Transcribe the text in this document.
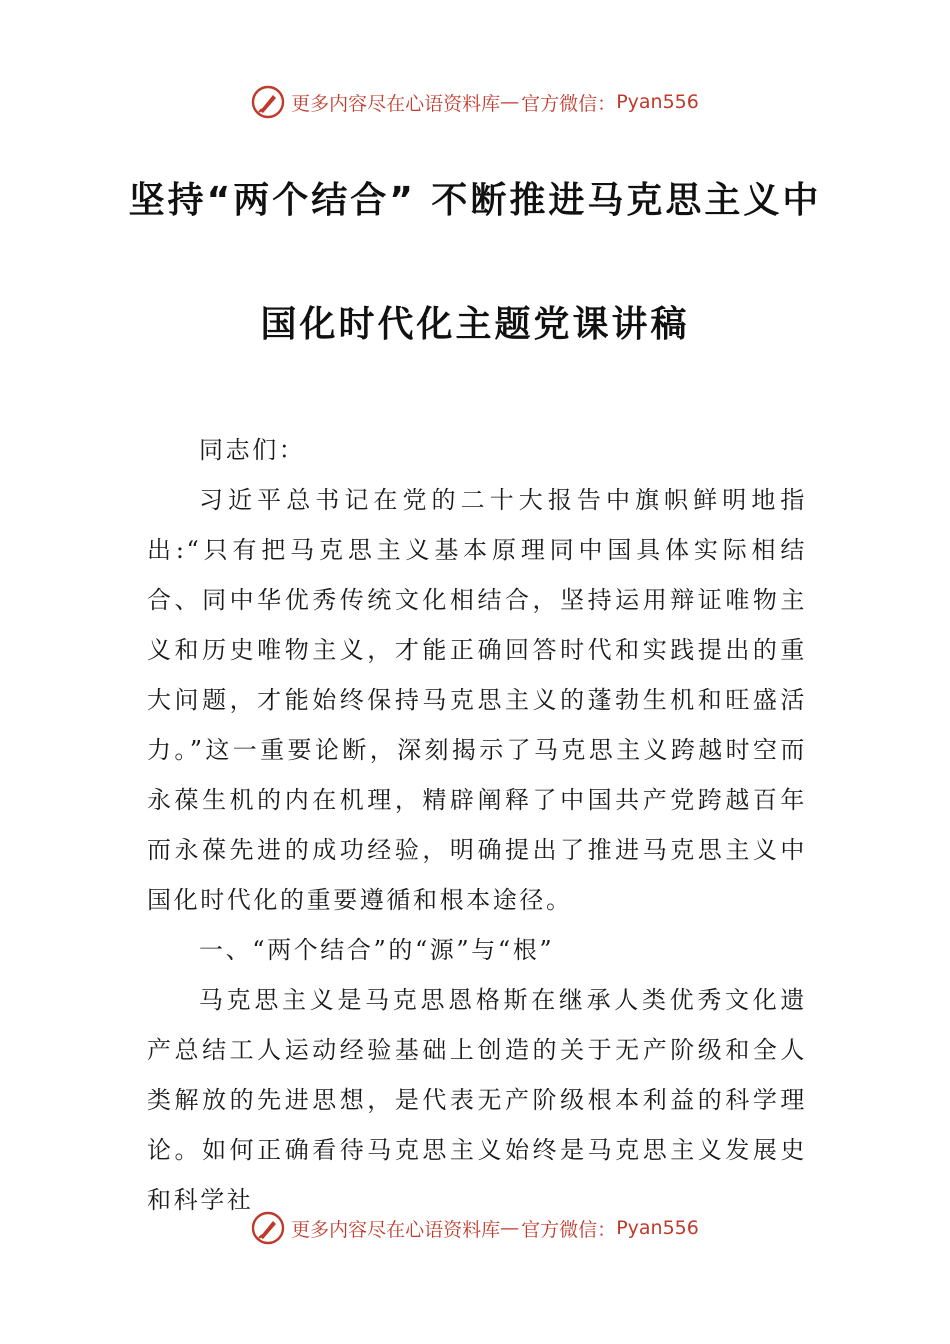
更多内容尽在心语资料库 — 官方微信： Pyan556
坚持“两个结合” 不断推进马克思主义中
国化时代化主题党课讲稿

同志们：

习近平总书记在党的二十大报告中旗帜鲜明地指出:“只有把马克思主义基本原理同中国具体实际相结合、同中华优秀传统文化相结合，坚持运用辩证唯物主义和历史唯物主义，才能正确回答时代和实践提出的重大问题，才能始终保持马克思主义的蓬勃生机和旺盛活力。”这一重要论断，深刻揭示了马克思主义跨越时空而永葆生机的内在机理，精辟阐释了中国共产党跨越百年而永葆先进的成功经验，明确提出了推进马克思主义中国化时代化的重要遵循和根本途径。

一、“两个结合”的“源”与“根”

马克思主义是马克思恩格斯在继承人类优秀文化遗产总结工人运动经验基础上创造的关于无产阶级和全人类解放的先进思想，是代表无产阶级根本利益的科学理论。如何正确看待马克思主义始终是马克思主义发展史和科学社

更多内容尽在心语资料库 — 官方微信： Pyan556
